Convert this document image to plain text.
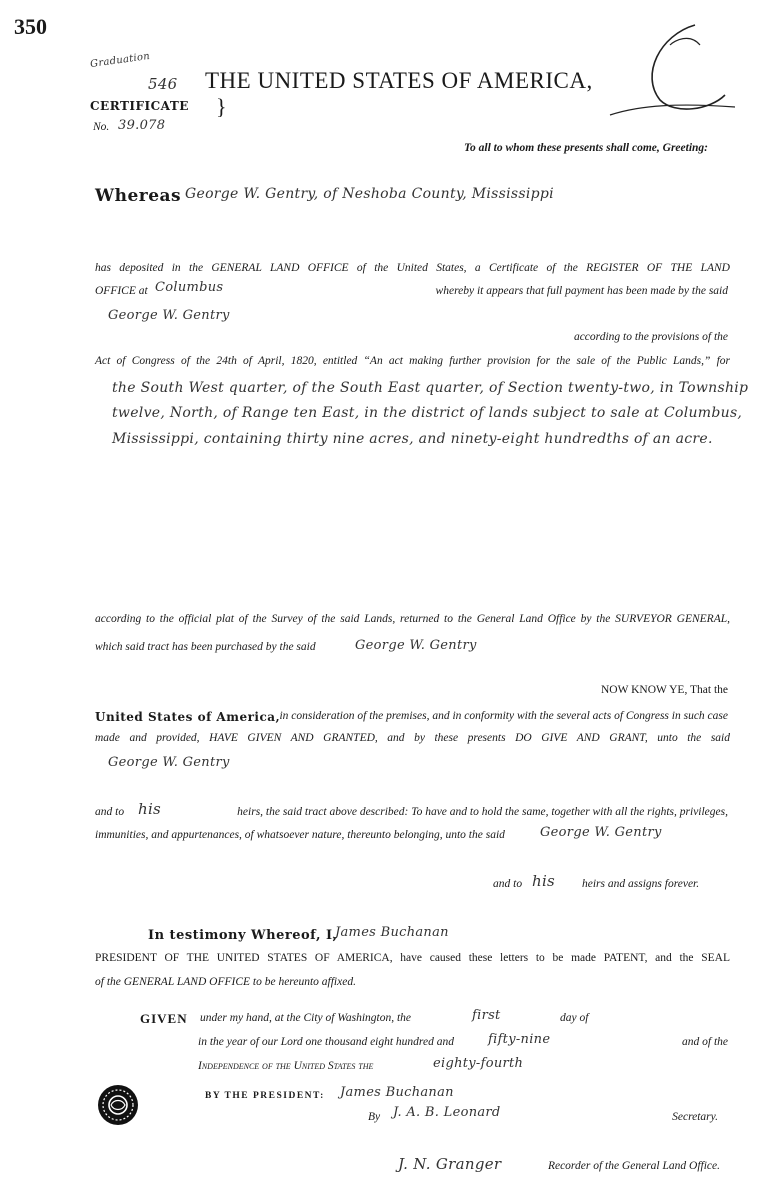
350
Graduation
546 THE UNITED STATES OF AMERICA,
CERTIFICATE }
No. 39.078
To all to whom these presents shall come, Greeting:
Whereas George W. Gentry, of Neshoba County, Mississippi
has deposited in the GENERAL LAND OFFICE of the United States, a Certificate of the REGISTER OF THE LAND
OFFICE at Columbus	whereby it appears that full payment has been made by the said
George W. Gentry
according to the provisions of the
Act of Congress of the 24th of April, 1820, entitled “An act making further provision for the sale of the Public Lands,” for
the South West quarter, of the South East quarter, of Section twenty-two, in Township
twelve, North, of Range ten East, in the district of lands subject to sale at Columbus,
Mississippi, containing thirty nine acres, and ninety-eight hundredths of an acre.
according to the official plat of the Survey of the said Lands, returned to the General Land Office by the SURVEYOR GENERAL,
which said tract has been purchased by the said	George W. Gentry
NOW KNOW YE, That the
United States of America, in consideration of the premises, and in conformity with the several acts of Congress in such case
made and provided, HAVE GIVEN AND GRANTED, and by these presents DO GIVE AND GRANT, unto the said
George W. Gentry
and to his	heirs, the said tract above described: To have and to hold the same, together with all the rights, privileges,
immunities, and appurtenances, of whatsoever nature, thereunto belonging, unto the said	George W. Gentry
and to his heirs and assigns forever.
In testimony Whereof, I,
James Buchanan
PRESIDENT OF THE UNITED STATES OF AMERICA, have caused these letters to be made PATENT, and the SEAL
of the GENERAL LAND OFFICE to be hereunto affixed.
GIVEN under my hand, at the City of Washington, the	first	day of
in the year of our Lord one thousand eight hundred and	fifty-nine	and of the
Independence of the United States the	eighty-fourth
BY THE PRESIDENT: James Buchanan
By J. A. B. Leonard	Secretary.
J. N. Granger	Recorder of the General Land Office.
